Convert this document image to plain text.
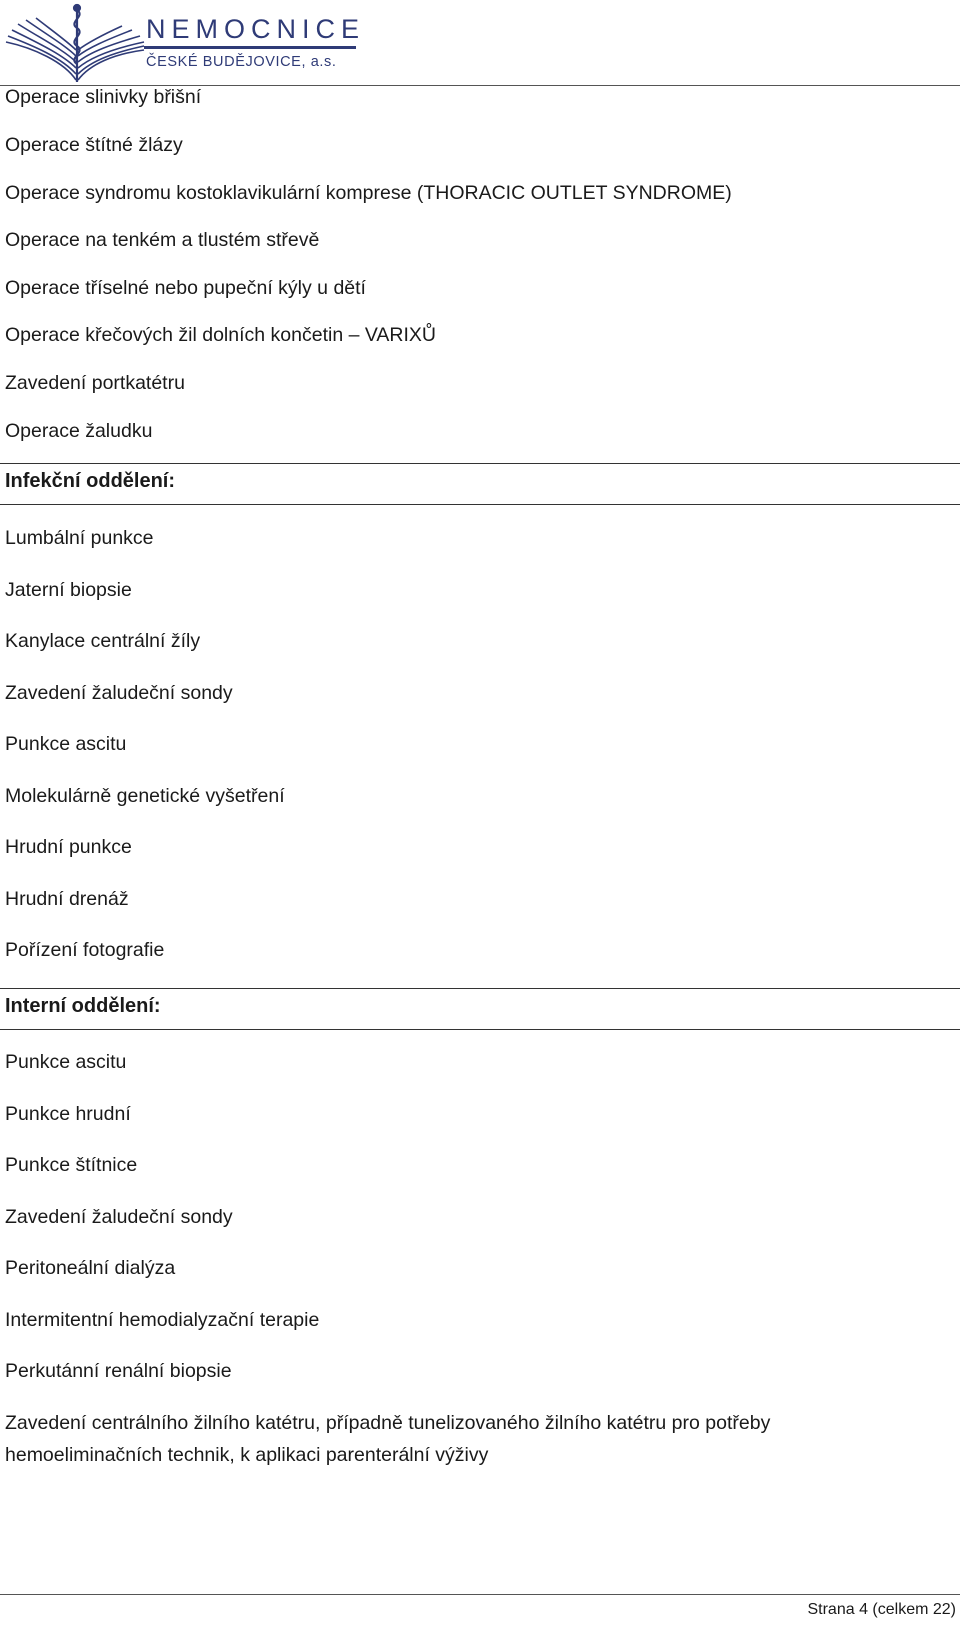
NEMOCNICE
ČESKÉ BUDĚJOVICE, a.s.
Operace slinivky břišní
Operace štítné žlázy
Operace syndromu kostoklavikulární komprese (THORACIC OUTLET SYNDROME)
Operace na tenkém a tlustém střevě
Operace tříselné nebo pupeční kýly u dětí
Operace křečových žil dolních končetin – VARIXŮ
Zavedení portkatétru
Operace žaludku
Infekční oddělení:
Lumbální punkce
Jaterní biopsie
Kanylace centrální žíly
Zavedení žaludeční sondy
Punkce ascitu
Molekulárně genetické vyšetření
Hrudní punkce
Hrudní drenáž
Pořízení fotografie
Interní oddělení:
Punkce ascitu
Punkce hrudní
Punkce štítnice
Zavedení žaludeční sondy
Peritoneální dialýza
Intermitentní hemodialyzační terapie
Perkutánní renální biopsie
Zavedení centrálního žilního katétru, případně tunelizovaného žilního katétru pro potřeby hemoeliminačních technik, k aplikaci parenterální výživy
Strana 4 (celkem 22)
